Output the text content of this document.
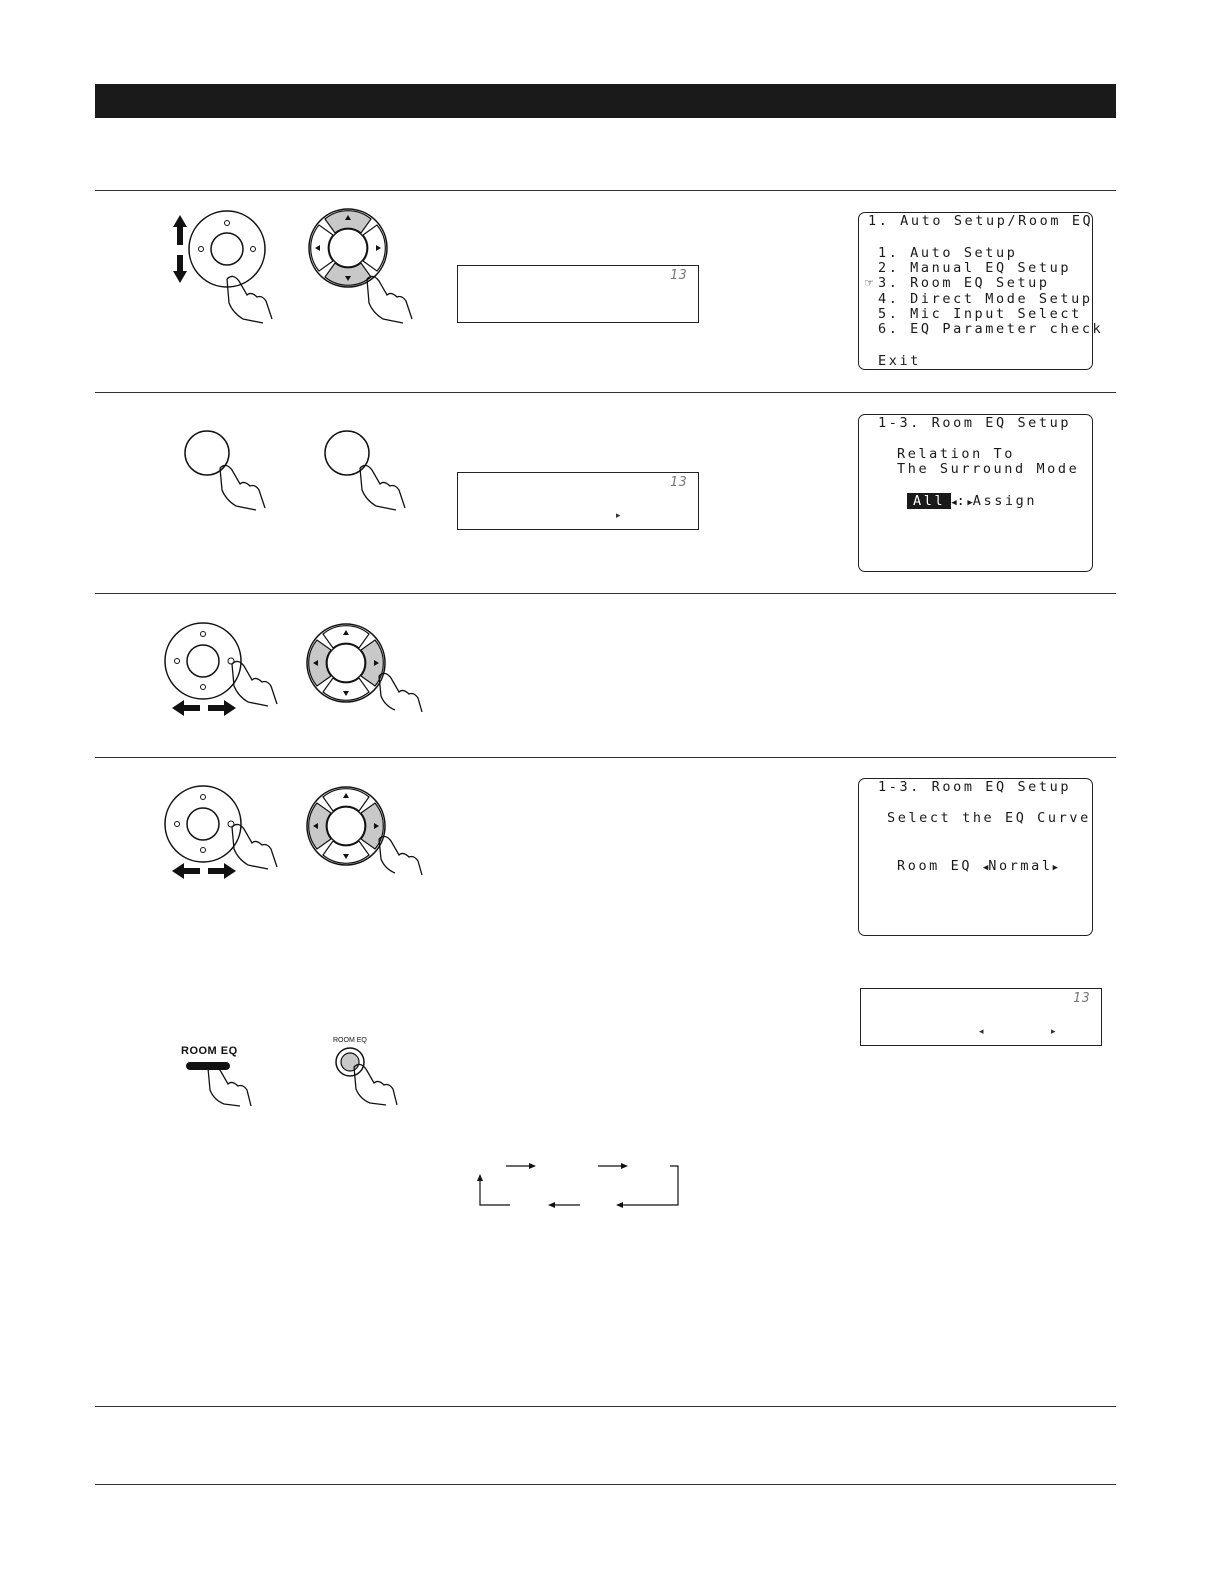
13

1. Auto Setup/Room EQ

1. Auto Setup

2. Manual EQ Setup

☞

3. Room EQ Setup

4. Direct Mode Setup

5. Mic Input Select

6. EQ Parameter check

Exit

13
▸

1-3. Room EQ Setup

Relation To

The Surround Mode

All ◀:▶Assign

1-3. Room EQ Setup

Select the EQ Curve

Room EQ ◀Normal▶

13
◂	▸
ROOM EQ
ROOM EQ
